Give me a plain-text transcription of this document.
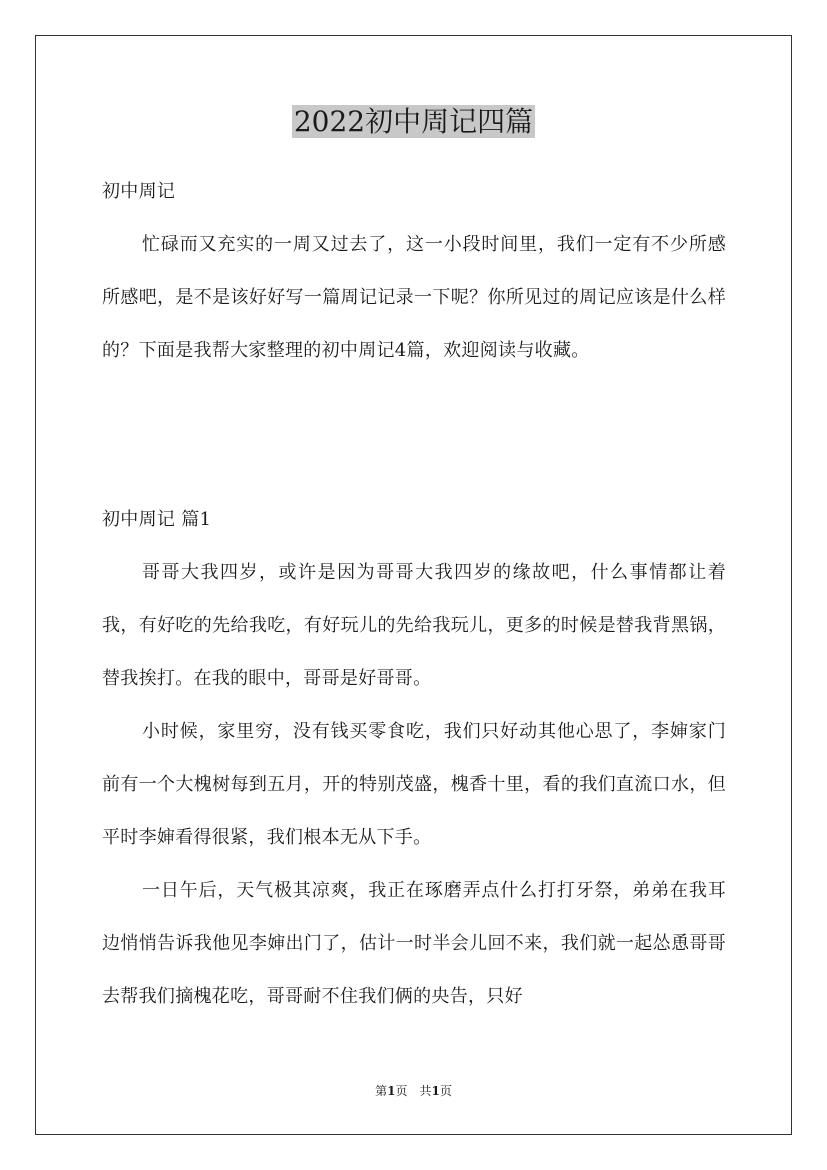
2022初中周记四篇
初中周记
忙碌而又充实的一周又过去了，这一小段时间里，我们一定有不少所感所感吧，是不是该好好写一篇周记记录一下呢？你所见过的周记应该是什么样的？下面是我帮大家整理的初中周记4篇，欢迎阅读与收藏。
初中周记 篇1
哥哥大我四岁，或许是因为哥哥大我四岁的缘故吧，什么事情都让着我，有好吃的先给我吃，有好玩儿的先给我玩儿，更多的时候是替我背黑锅，替我挨打。在我的眼中，哥哥是好哥哥。
小时候，家里穷，没有钱买零食吃，我们只好动其他心思了，李婶家门前有一个大槐树每到五月，开的特别茂盛，槐香十里，看的我们直流口水，但平时李婶看得很紧，我们根本无从下手。
一日午后，天气极其凉爽，我正在琢磨弄点什么打打牙祭，弟弟在我耳边悄悄告诉我他见李婶出门了，估计一时半会儿回不来，我们就一起怂恿哥哥去帮我们摘槐花吃，哥哥耐不住我们俩的央告，只好
第1页　共1页
